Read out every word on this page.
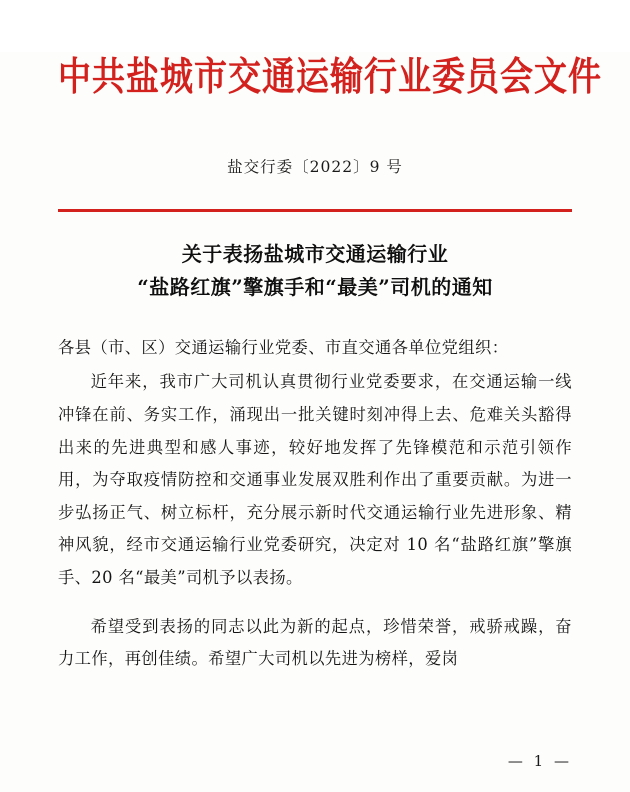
中共盐城市交通运输行业委员会文件
盐交行委〔2022〕9 号
关于表扬盐城市交通运输行业
“盐路红旗”擎旗手和“最美”司机的通知
各县（市、区）交通运输行业党委、市直交通各单位党组织：
近年来，我市广大司机认真贯彻行业党委要求，在交通运输一线冲锋在前、务实工作，涌现出一批关键时刻冲得上去、危难关头豁得出来的先进典型和感人事迹，较好地发挥了先锋模范和示范引领作用，为夺取疫情防控和交通事业发展双胜利作出了重要贡献。为进一步弘扬正气、树立标杆，充分展示新时代交通运输行业先进形象、精神风貌，经市交通运输行业党委研究，决定对 10 名“盐路红旗”擎旗手、20 名“最美”司机予以表扬。
希望受到表扬的同志以此为新的起点，珍惜荣誉，戒骄戒躁，奋力工作，再创佳绩。希望广大司机以先进为榜样，爱岗
— 1 —
